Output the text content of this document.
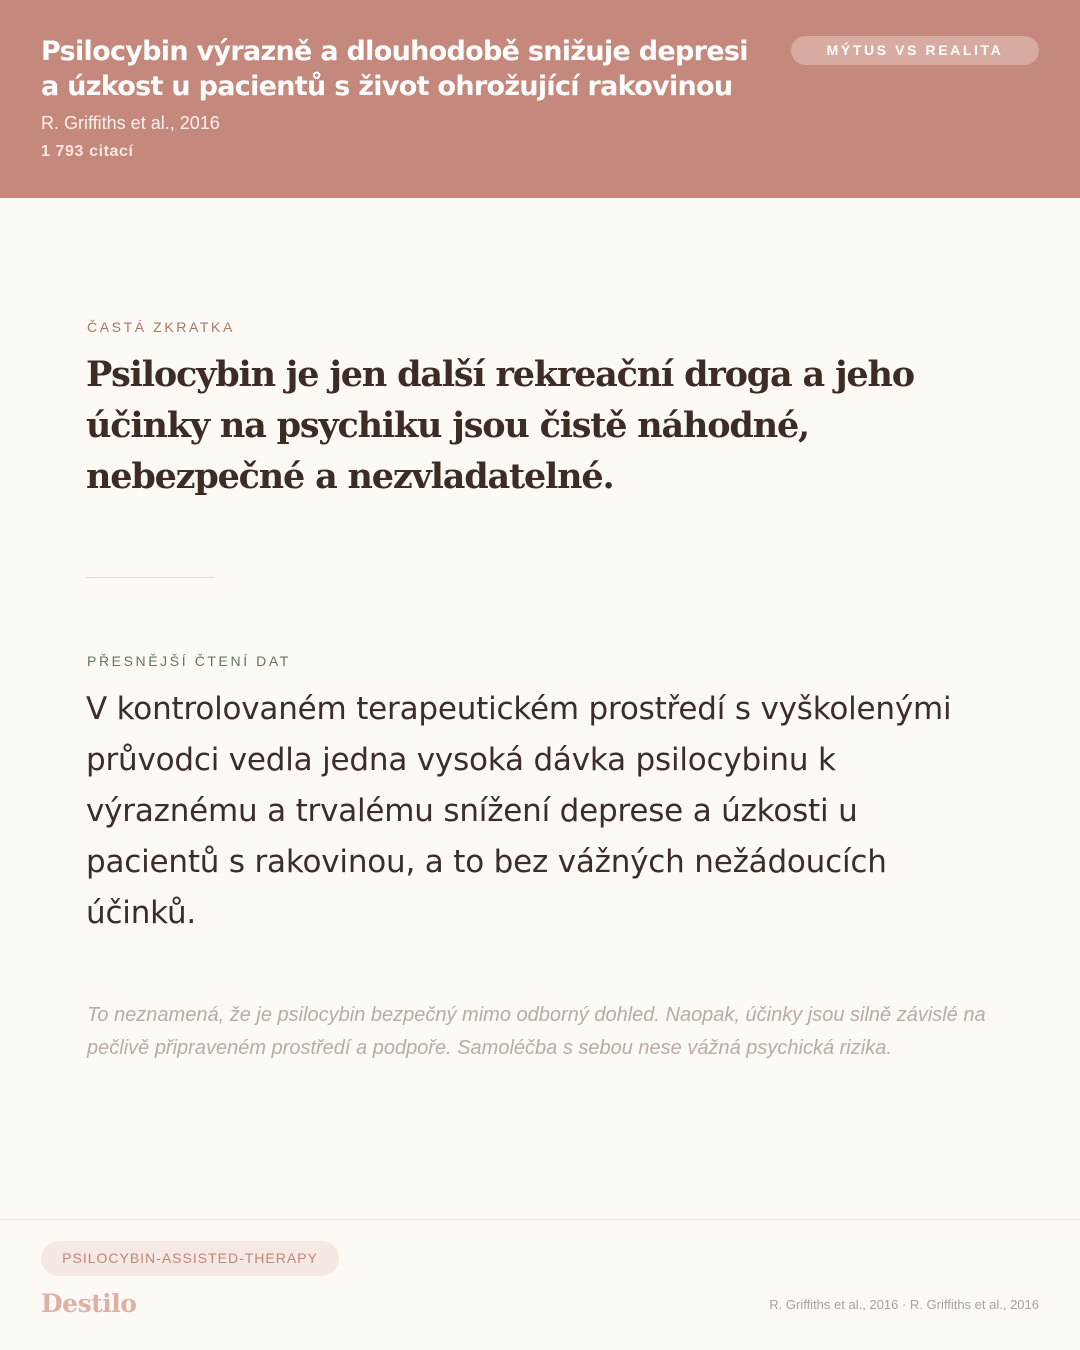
Psilocybin výrazně a dlouhodobě snižuje depresi a úzkost u pacientů s život ohrožující rakovinou
R. Griffiths et al., 2016
1 793 citací
MÝTUS VS REALITA
ČASTÁ ZKRATKA

Psilocybin je jen další rekreační droga a jeho účinky na psychiku jsou čistě náhodné, nebezpečné a nezvladatelné.

PŘESNĚJŠÍ ČTENÍ DAT

V kontrolovaném terapeutickém prostředí s vyškolenými průvodci vedla jedna vysoká dávka psilocybinu k výraznému a trvalému snížení deprese a úzkosti u pacientů s rakovinou, a to bez vážných nežádoucích účinků.

To neznamená, že je psilocybin bezpečný mimo odborný dohled. Naopak, účinky jsou silně závislé na pečlivě připraveném prostředí a podpoře. Samoléčba s sebou nese vážná psychická rizika.

PSILOCYBIN-ASSISTED-THERAPY
Destilo	R. Griffiths et al., 2016 · R. Griffiths et al., 2016
